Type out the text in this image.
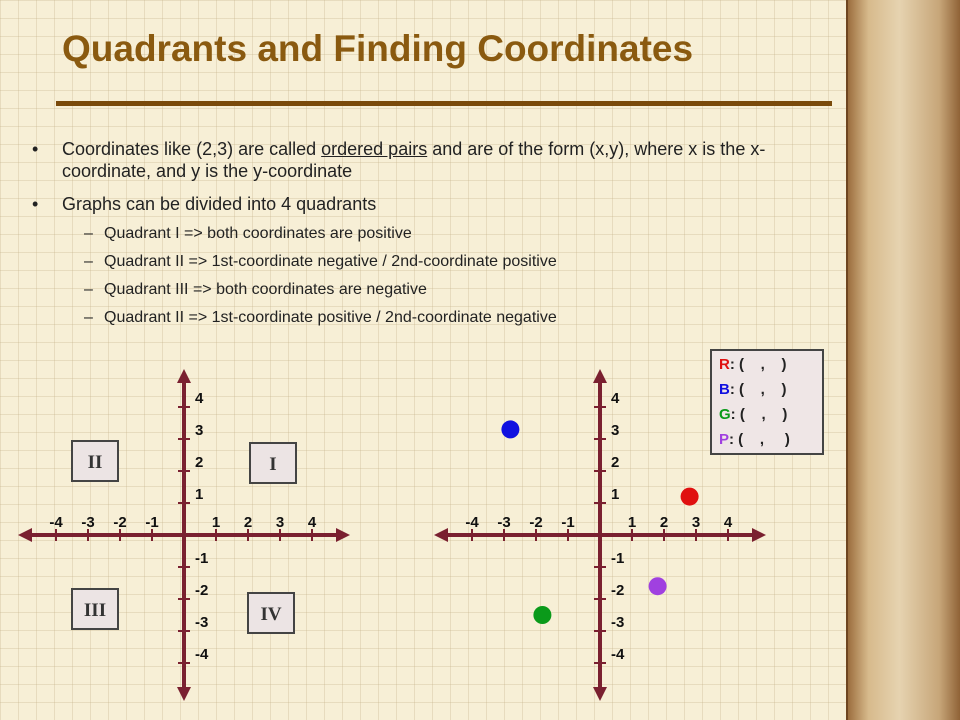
Quadrants and Finding Coordinates
• Coordinates like (2,3) are called ordered pairs and are of the form (x,y), where x is the x-coordinate, and y is the y-coordinate
• Graphs can be divided into 4 quadrants
– Quadrant I => both coordinates are positive
– Quadrant II => 1st-coordinate negative / 2nd-coordinate positive
– Quadrant III => both coordinates are negative
– Quadrant II => 1st-coordinate positive / 2nd-coordinate negative
-4 -3 -2 -1	1 2 3 4
4
3
2
1
-1
-2
-3
-4
II	I
III	IV
-4 -3 -2 -1	1 2 3 4
4
3
2
1
-1
-2
-3
-4
R: (    ,    )
B: (    ,    )
G: (    ,    )
P: (    ,     )
